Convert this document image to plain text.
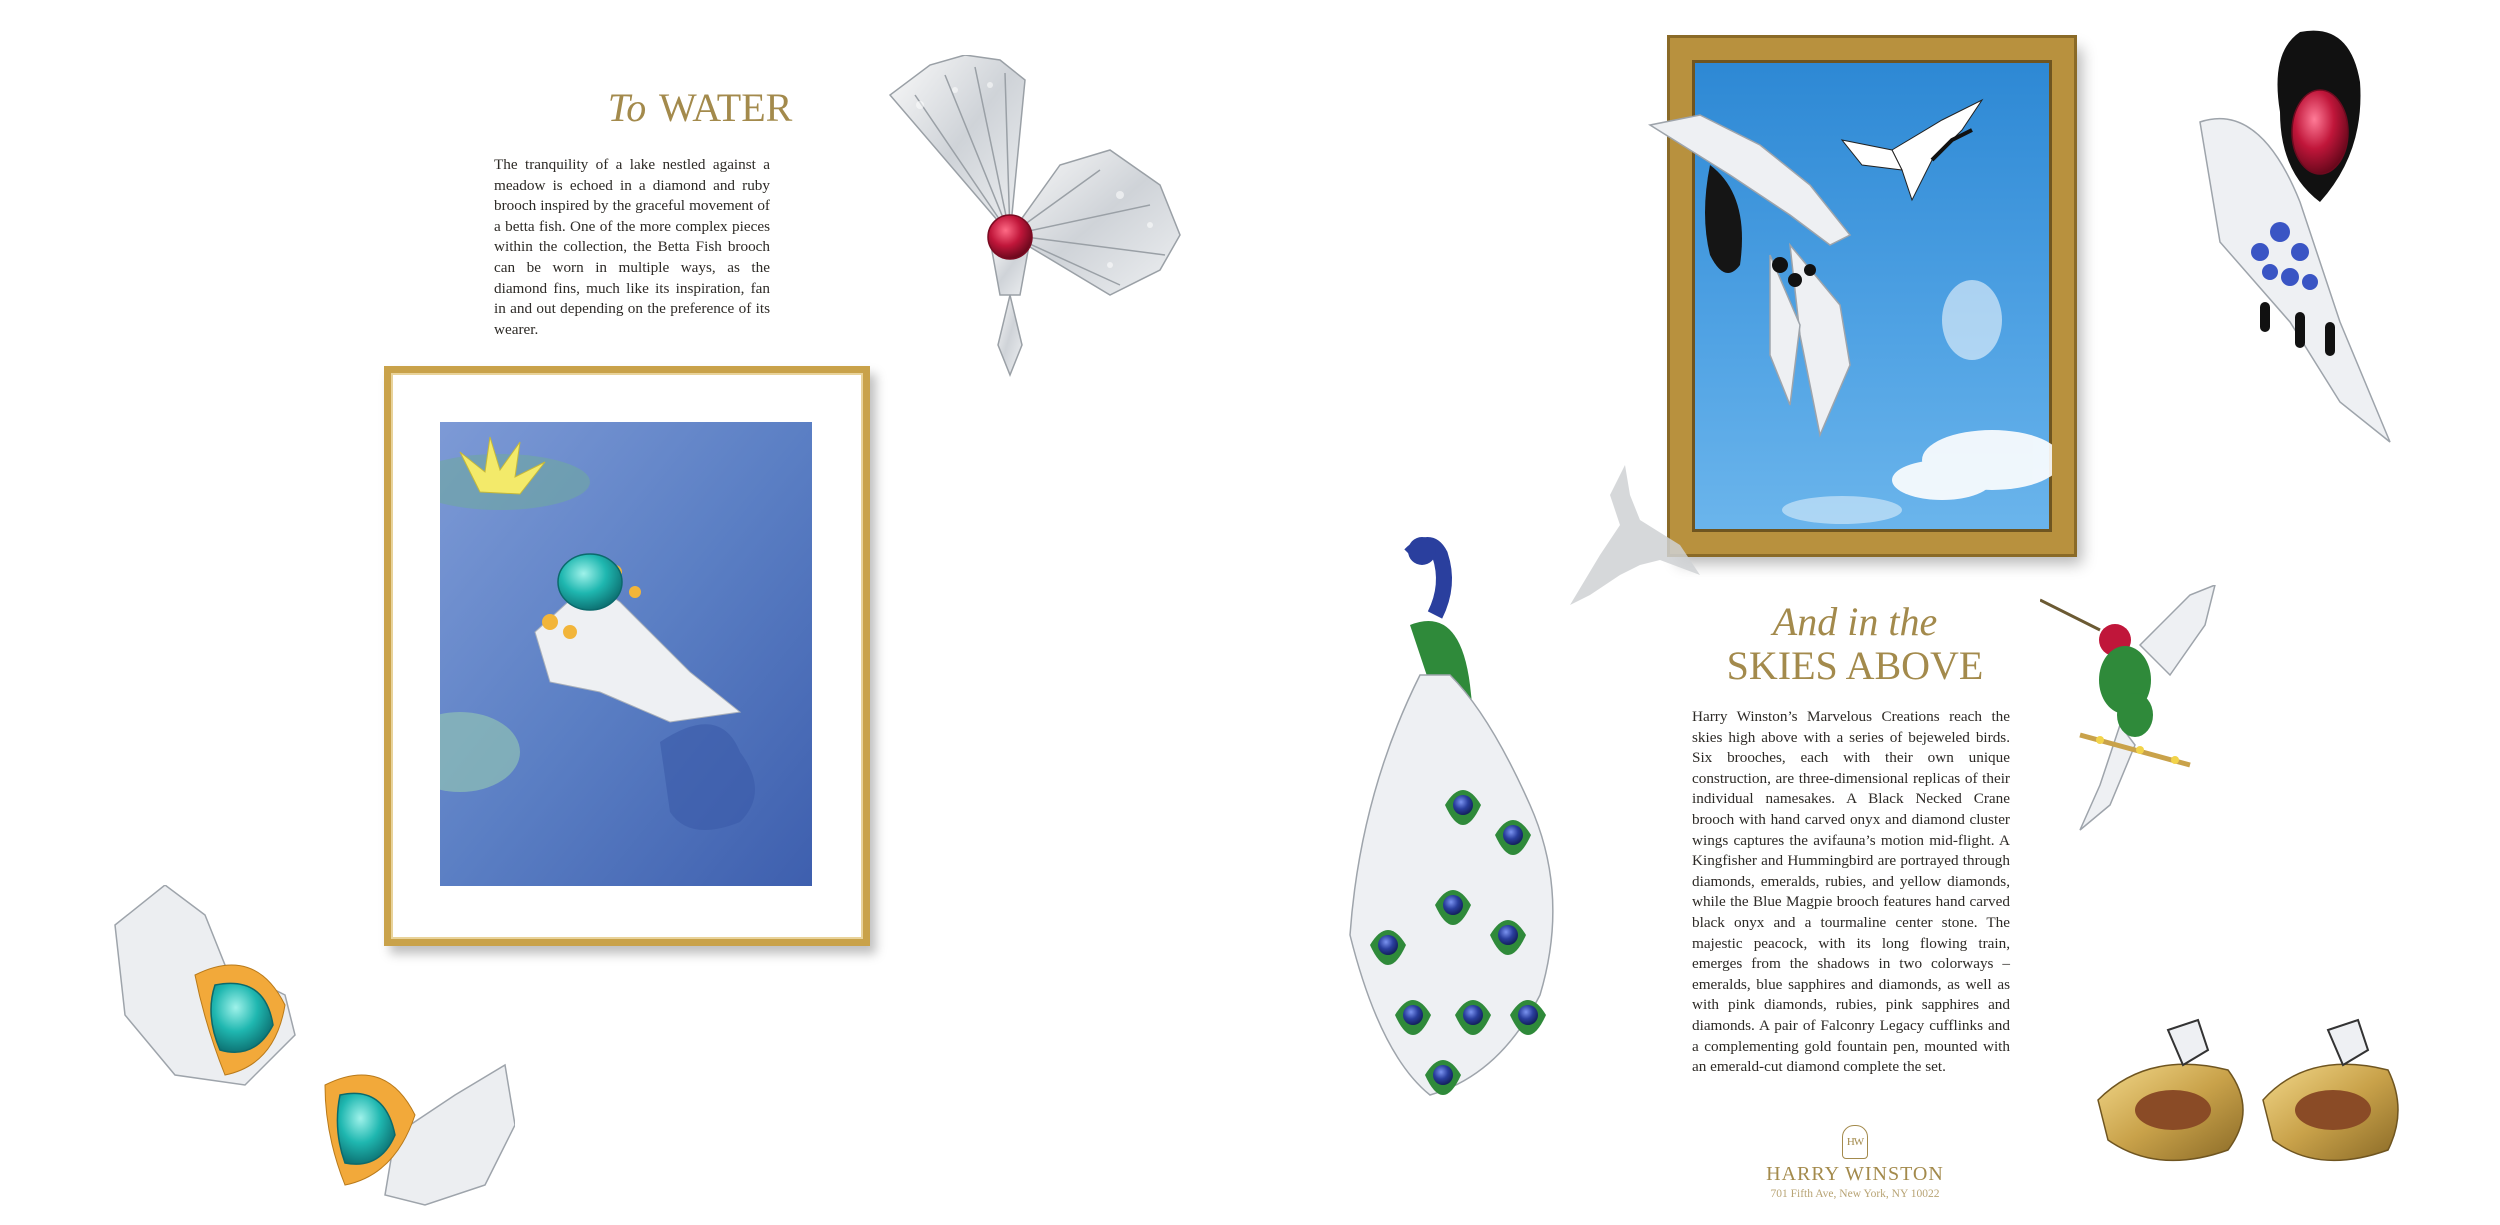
To WATER

The tranquility of a lake nestled against a meadow is echoed in a diamond and ruby brooch inspired by the graceful movement of a betta fish. One of the more complex pieces within the collection, the Betta Fish brooch can be worn in multiple ways, as the diamond fins, much like its inspiration, fan in and out depending on the preference of its wearer.

And in the
SKIES ABOVE

Harry Winston’s Marvelous Creations reach the skies high above with a series of bejeweled birds. Six brooches, each with their own unique construction, are three-dimensional replicas of their individual namesakes. A Black Necked Crane brooch with hand carved onyx and diamond cluster wings captures the avifauna’s motion mid-flight. A Kingfisher and Hummingbird are portrayed through diamonds, emeralds, rubies, and yellow diamonds, while the Blue Magpie brooch features hand carved black onyx and a tourmaline center stone. The majestic peacock, with its long flowing train, emerges from the shadows in two colorways – emeralds, blue sapphires and diamonds, as well as with pink diamonds, rubies, pink sapphires and diamonds. A pair of Falconry Legacy cufflinks and a complementing gold fountain pen, mounted with an emerald-cut diamond complete the set.

HW
HARRY WINSTON
701 Fifth Ave, New York, NY 10022
